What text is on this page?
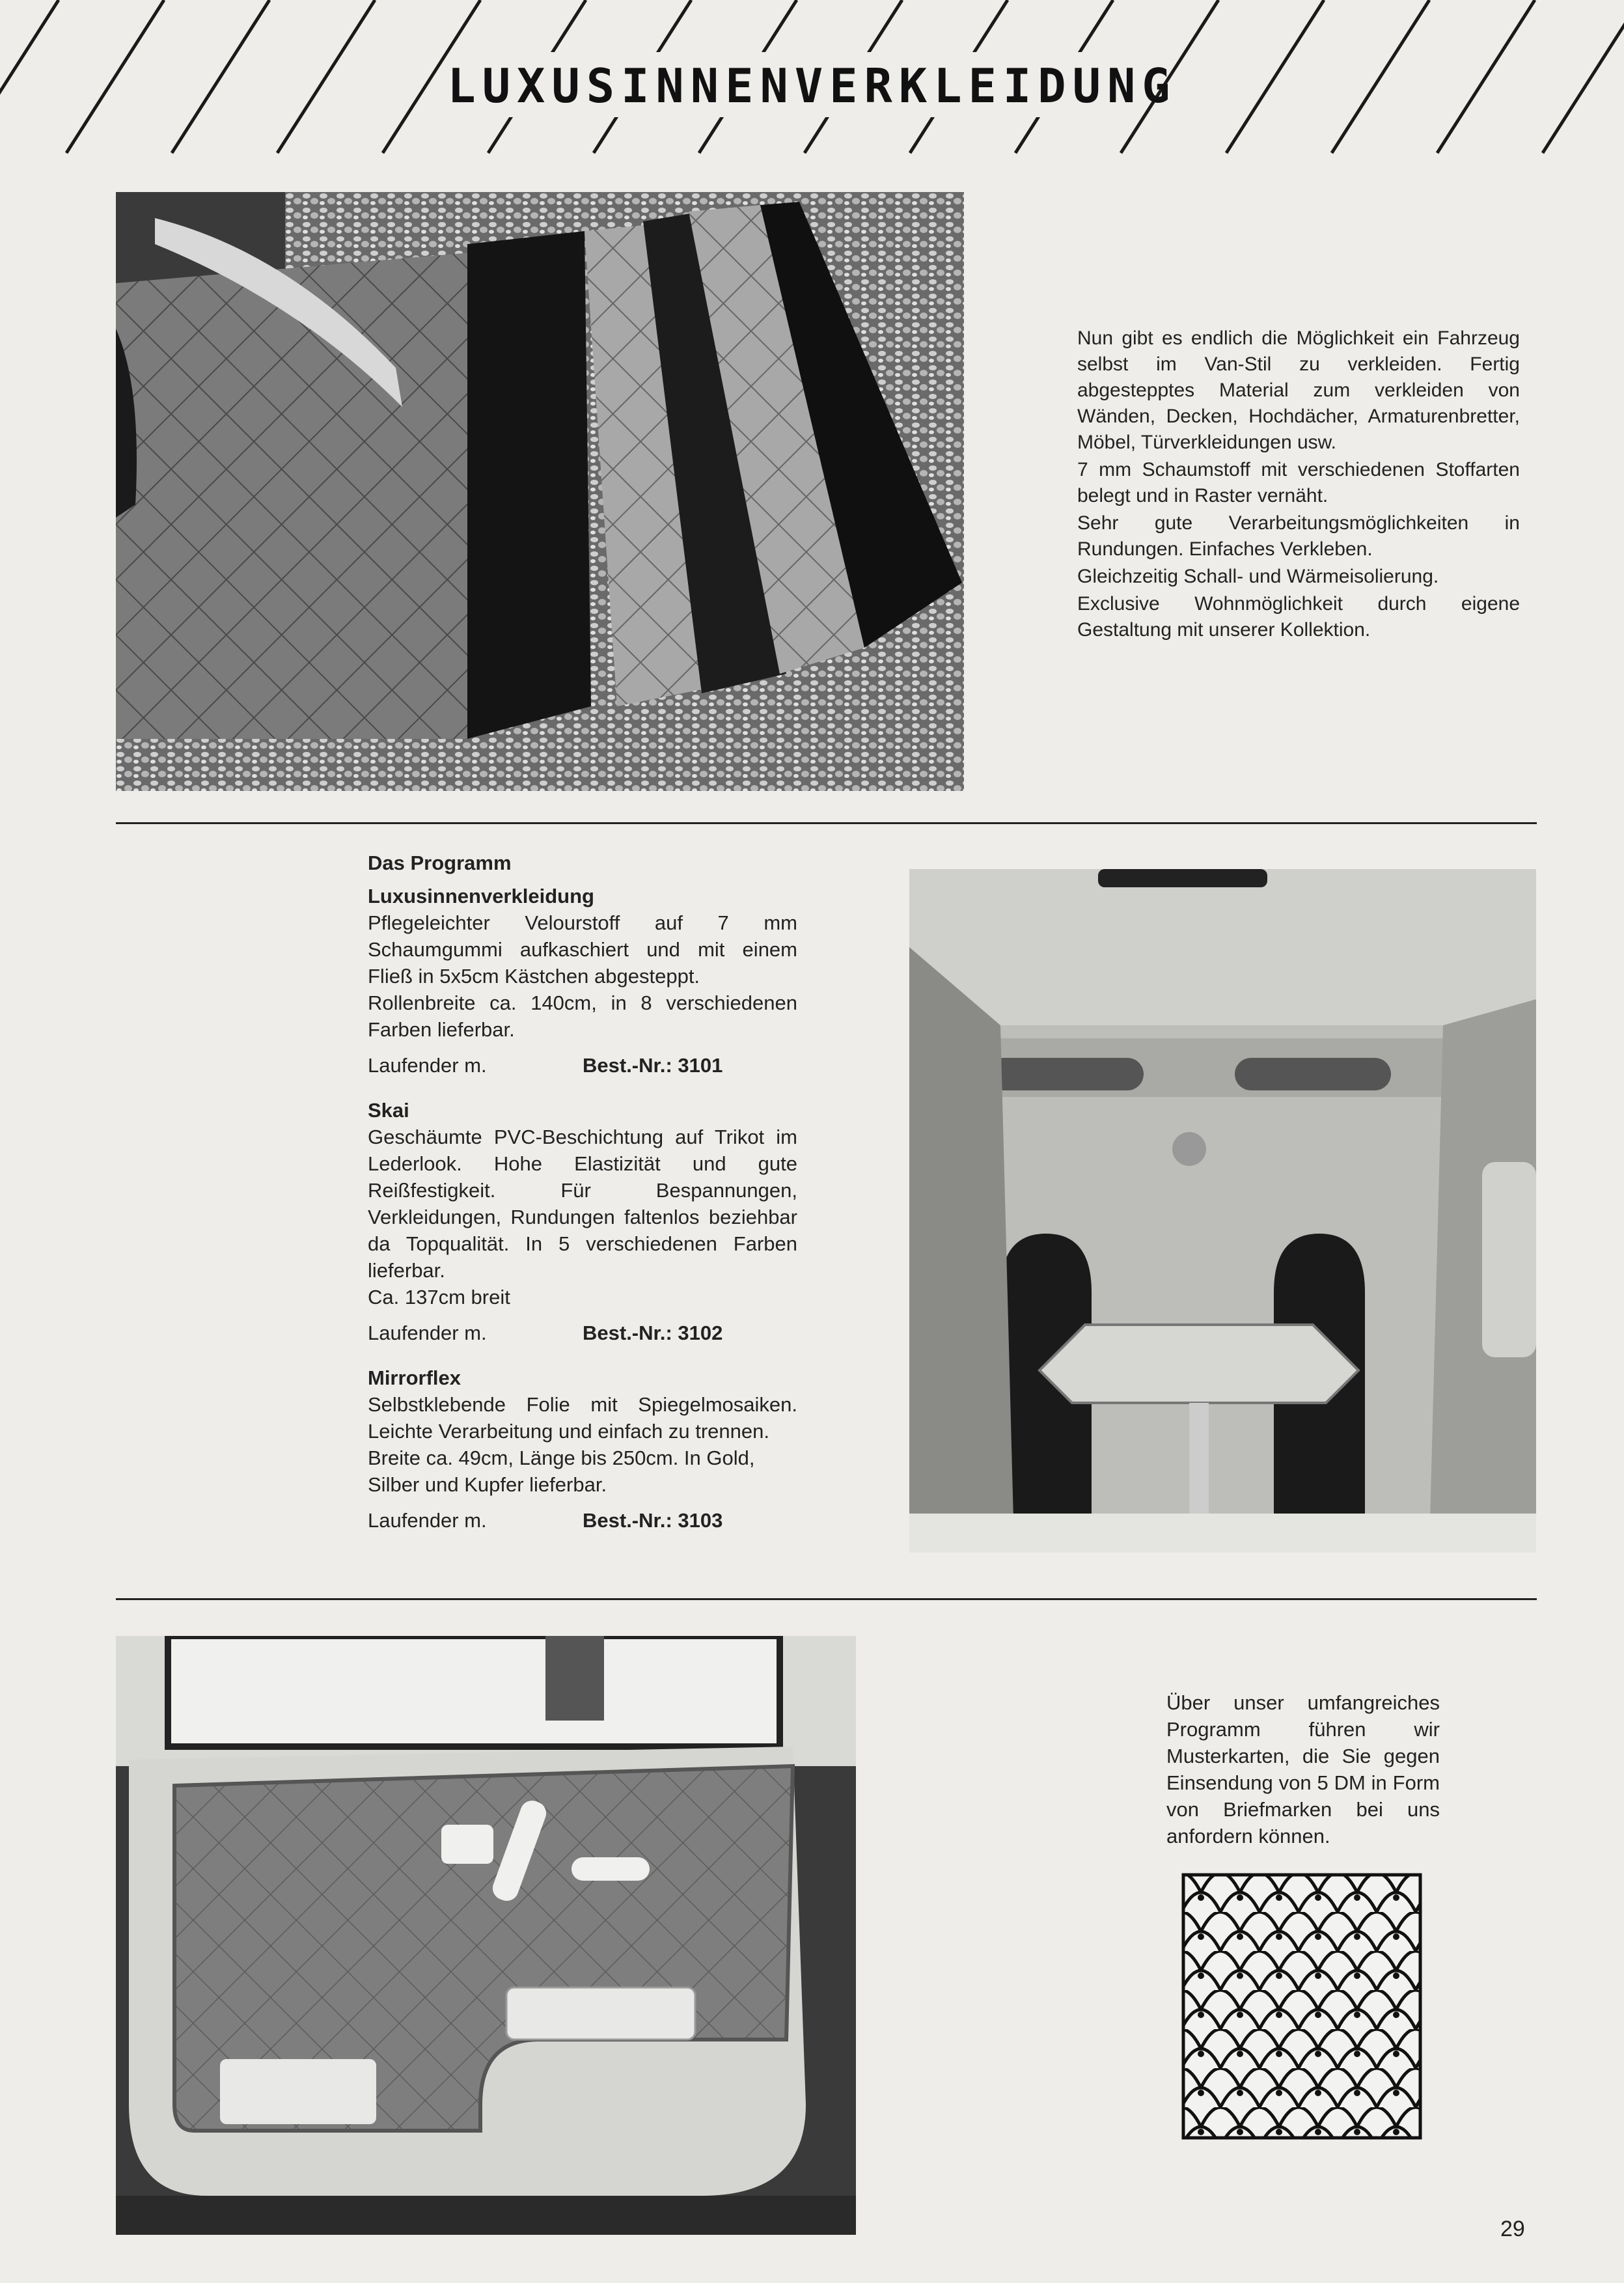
LUXUSINNENVERKLEIDUNG

Nun gibt es endlich die Möglichkeit ein Fahrzeug selbst im Van-Stil zu verkleiden. Fertig abgestepptes Material zum verkleiden von Wänden, Decken, Hochdächer, Armaturenbretter, Möbel, Türverkleidungen usw.

7 mm Schaumstoff mit verschiedenen Stoffarten belegt und in Raster vernäht.

Sehr gute Verarbeitungsmöglichkeiten in Rundungen. Einfaches Verkleben.

Gleichzeitig Schall- und Wärmeisolierung.

Exclusive Wohnmöglichkeit durch eigene Gestaltung mit unserer Kollektion.

Das Programm
Luxusinnenverkleidung

Pflegeleichter Velourstoff auf 7 mm Schaumgummi aufkaschiert und mit einem Fließ in 5x5cm Kästchen abgesteppt.

Rollenbreite ca. 140cm, in 8 verschiedenen Farben lieferbar.

Laufender m.	Best.-Nr.: 3101
Skai

Geschäumte PVC-Beschichtung auf Trikot im Lederlook. Hohe Elastizität und gute Reißfestigkeit. Für Bespannungen, Verkleidungen, Rundungen faltenlos beziehbar da Topqualität. In 5 verschiedenen Farben lieferbar.

Ca. 137cm breit

Laufender m.	Best.-Nr.: 3102
Mirrorflex

Selbstklebende Folie mit Spiegelmosaiken. Leichte Verarbeitung und einfach zu trennen.

Breite ca. 49cm, Länge bis 250cm. In Gold, Silber und Kupfer lieferbar.

Laufender m.	Best.-Nr.: 3103
Über unser umfangreiches Programm führen wir Musterkarten, die Sie gegen Einsendung von 5 DM in Form von Briefmarken bei uns anfordern können.
29
